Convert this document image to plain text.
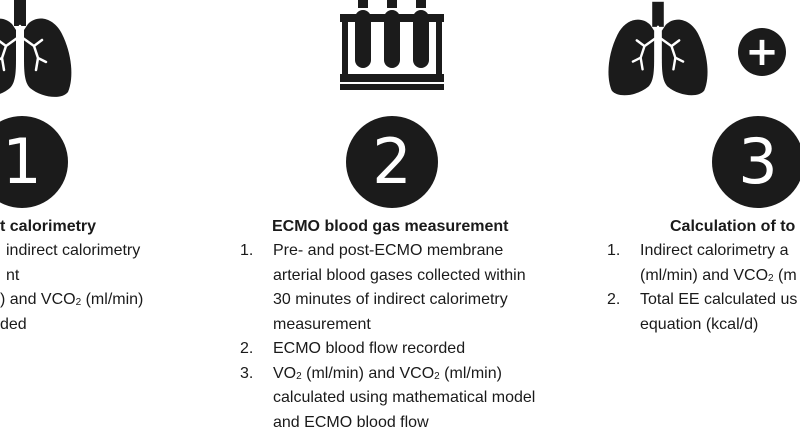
+
1	2	3
t calorimetry
indirect calorimetry
nt
) and $VCO_2$ (ml/min)
ded
ECMO blood gas measurement
1. Pre- and post-ECMO membrane
arterial blood gases collected within
30 minutes of indirect calorimetry
measurement
2. ECMO blood flow recorded
3. $VO_2$ (ml/min) and $VCO_2$ (ml/min)
calculated using mathematical model
and ECMO blood flow
Calculation of to
1. Indirect calorimetry a
(ml/min) and $VCO_2$ (m
2. Total EE calculated us
equation (kcal/d)
